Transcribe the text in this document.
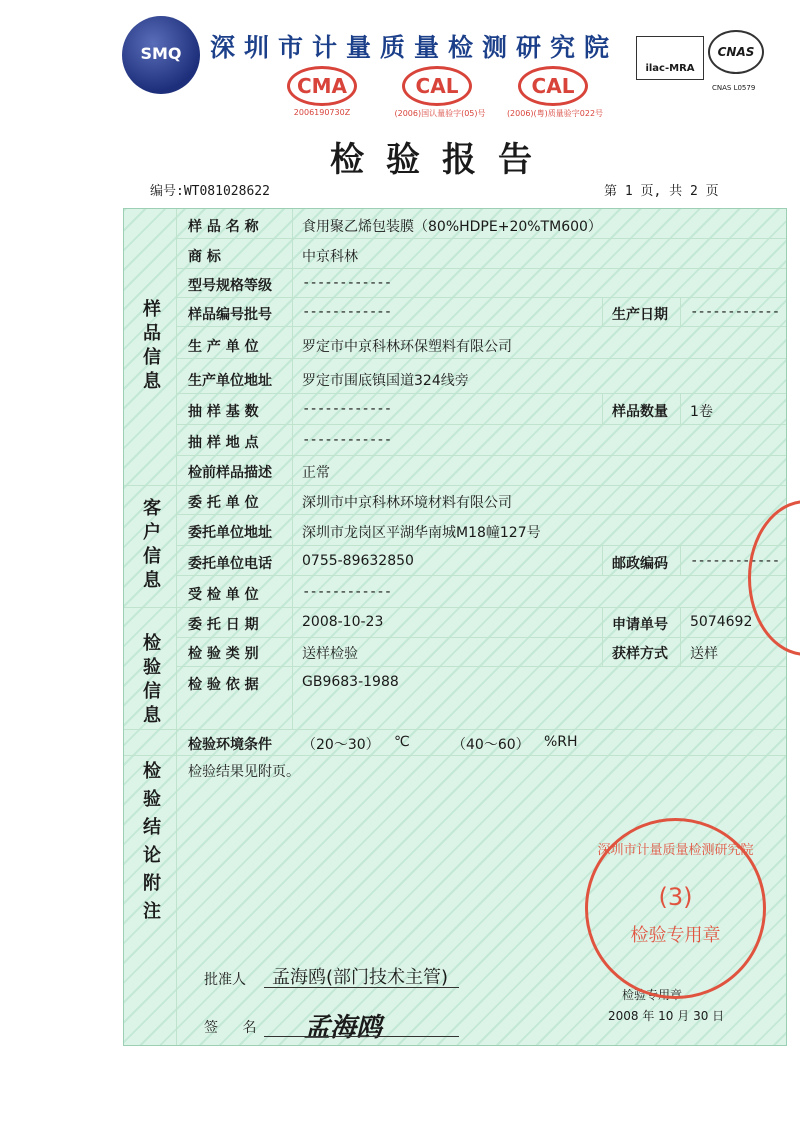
SMQ	深圳市计量质量检测研究院
CMA
2006190730Z
CAL
(2006)国认量验字(05)号
CAL
(2006)(粤)质量验字022号
ilac-MRA
CNAS
CNAS L0579
检验报告
编号:WT081028622	第 1 页, 共 2 页
样品信息
客户信息
检验信息
检验结论附注
样 品 名 称	食用聚乙烯包装膜（80%HDPE+20%TM600）
商 标	中京科林
型号规格等级 ------------
样品编号批号 ------------	生产日期 ------------
生 产 单 位	罗定市中京科林环保塑料有限公司
生产单位地址 罗定市围底镇国道324线旁
抽 样 基 数	------------	样品数量 1卷
抽 样 地 点	------------
检前样品描述 正常
委 托 单 位	深圳市中京科林环境材料有限公司
委托单位地址 深圳市龙岗区平湖华南城M18幢127号
委托单位电话 0755-89632850	邮政编码 ------------
受 检 单 位	------------
委 托 日 期	2008-10-23	申请单号 5074692
检 验 类 别	送样检验	获样方式 送样
检 验 依 据	GB9683-1988
检验环境条件 （20～30） ℃	（40～60） %RH
检验结果见附页。
批准人 孟海鸥(部门技术主管)
签 名 孟海鸥
检验专用章
2008 年 10 月 30 日
深圳市计量质量检测研究院
(3)
检验专用章
